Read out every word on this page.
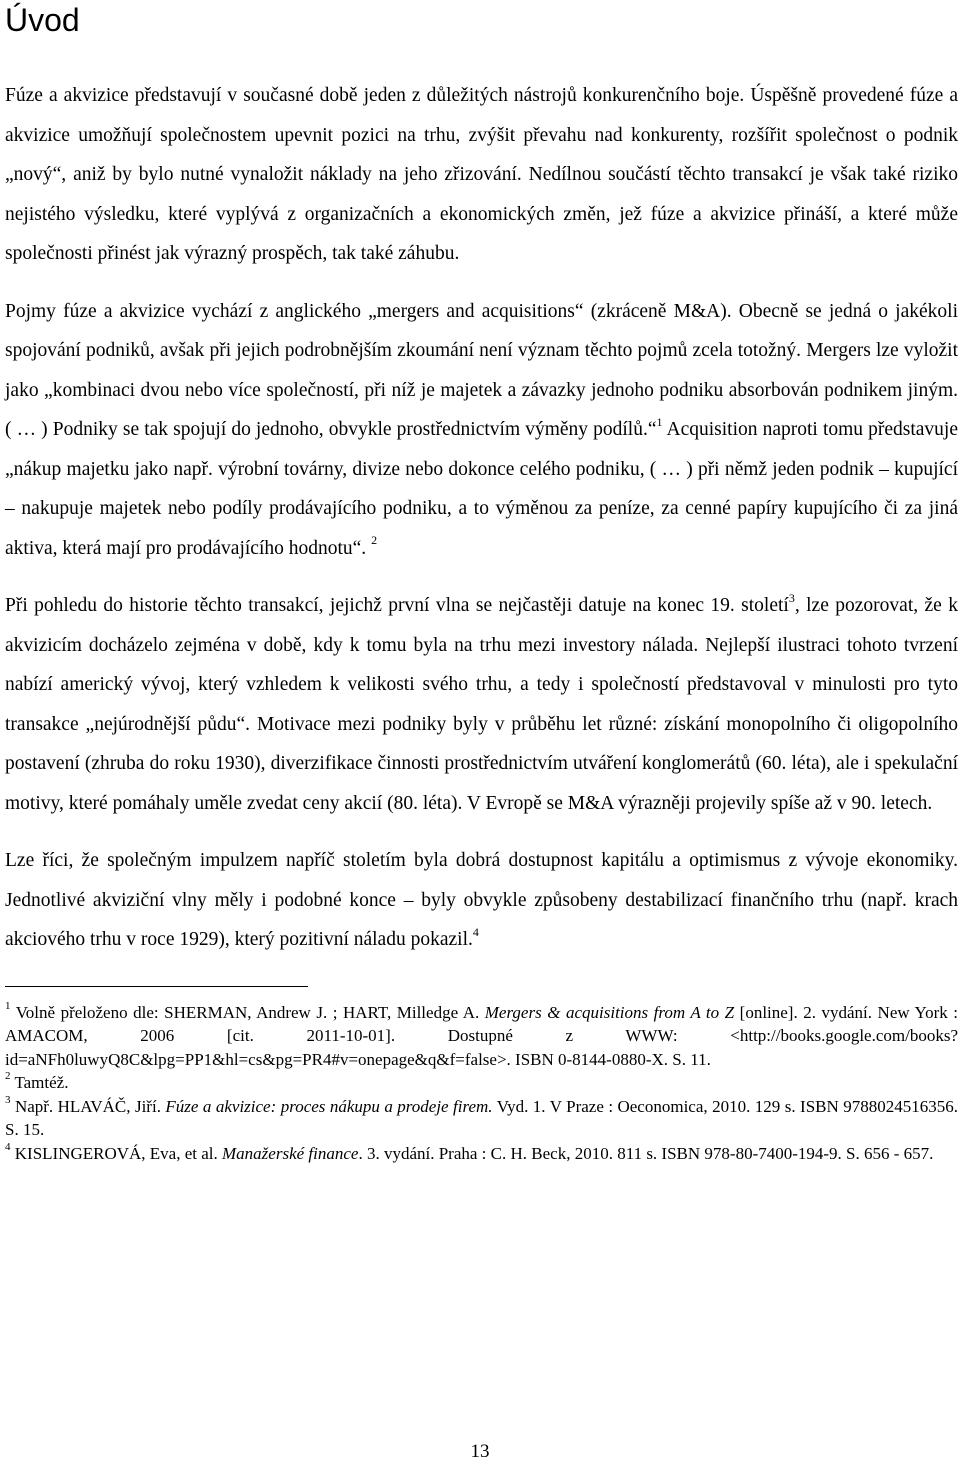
Úvod

Fúze a akvizice představují v současné době jeden z důležitých nástrojů konkurenčního boje. Úspěšně provedené fúze a akvizice umožňují společnostem upevnit pozici na trhu, zvýšit převahu nad konkurenty, rozšířit společnost o podnik „nový“, aniž by bylo nutné vynaložit náklady na jeho zřizování. Nedílnou součástí těchto transakcí je však také riziko nejistého výsledku, které vyplývá z organizačních a ekonomických změn, jež fúze a akvizice přináší, a které může společnosti přinést jak výrazný prospěch, tak také záhubu.

Pojmy fúze a akvizice vychází z anglického „mergers and acquisitions“ (zkráceně M&A). Obecně se jedná o jakékoli spojování podniků, avšak při jejich podrobnějším zkoumání není význam těchto pojmů zcela totožný. Mergers lze vyložit jako „kombinaci dvou nebo více společností, při níž je majetek a závazky jednoho podniku absorbován podnikem jiným. ( … ) Podniky se tak spojují do jednoho, obvykle prostřednictvím výměny podílů.“$^1$ Acquisition naproti tomu představuje „nákup majetku jako např. výrobní továrny, divize nebo dokonce celého podniku, ( … ) při němž jeden podnik – kupující – nakupuje majetek nebo podíly prodávajícího podniku, a to výměnou za peníze, za cenné papíry kupujícího či za jiná aktiva, která mají pro prodávajícího hodnotu“. $^2$

Při pohledu do historie těchto transakcí, jejichž první vlna se nejčastěji datuje na konec 19. století$^3$, lze pozorovat, že k akvizicím docházelo zejména v době, kdy k tomu byla na trhu mezi investory nálada. Nejlepší ilustraci tohoto tvrzení nabízí americký vývoj, který vzhledem k velikosti svého trhu, a tedy i společností představoval v minulosti pro tyto transakce „nejúrodnější půdu“. Motivace mezi podniky byly v průběhu let různé: získání monopolního či oligopolního postavení (zhruba do roku 1930), diverzifikace činnosti prostřednictvím utváření konglomerátů (60. léta), ale i spekulační motivy, které pomáhaly uměle zvedat ceny akcií (80. léta). V Evropě se M&A výrazněji projevily spíše až v 90. letech.

Lze říci, že společným impulzem napříč stoletím byla dobrá dostupnost kapitálu a optimismus z vývoje ekonomiky. Jednotlivé akviziční vlny měly i podobné konce – byly obvykle způsobeny destabilizací finančního trhu (např. krach akciového trhu v roce 1929), který pozitivní náladu pokazil.$^4$

$^1$ Volně přeloženo dle: SHERMAN, Andrew J. ; HART, Milledge A. Mergers & acquisitions from A to Z [online]. 2. vydání. New York : AMACOM, 2006 [cit. 2011-10-01]. Dostupné z WWW: <http://books.google.com/books?id=aNFh0luwyQ8C&lpg=PP1&hl=cs&pg=PR4#v=onepage&q&f=false>. ISBN 0-8144-0880-X. S. 11.

$^2$ Tamtéž.

$^3$ Např. HLAVÁČ, Jiří. Fúze a akvizice: proces nákupu a prodeje firem. Vyd. 1. V Praze : Oeconomica, 2010. 129 s. ISBN 9788024516356. S. 15.

$^4$ KISLINGEROVÁ, Eva, et al. Manažerské finance. 3. vydání. Praha : C. H. Beck, 2010. 811 s. ISBN 978-80-7400-194-9. S. 656 - 657.

13
